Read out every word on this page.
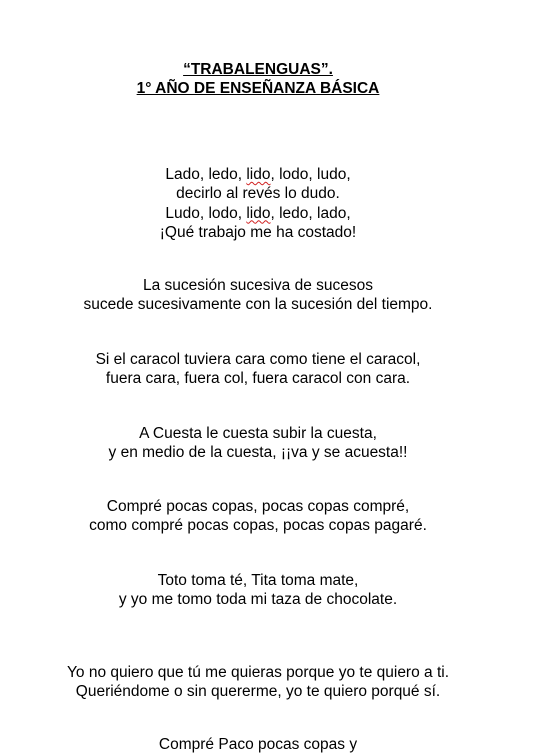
“TRABALENGUAS”.
1° AÑO DE ENSEÑANZA BÁSICA
Lado, ledo, lido, lodo, ludo,
decirlo al revés lo dudo.
Ludo, lodo, lido, ledo, lado,
¡Qué trabajo me ha costado!
La sucesión sucesiva de sucesos
sucede sucesivamente con la sucesión del tiempo.
Si el caracol tuviera cara como tiene el caracol,
fuera cara, fuera col, fuera caracol con cara.
A Cuesta le cuesta subir la cuesta,
y en medio de la cuesta, ¡¡va y se acuesta!!
Compré pocas copas, pocas copas compré,
como compré pocas copas, pocas copas pagaré.
Toto toma té, Tita toma mate,
y yo me tomo toda mi taza de chocolate.
Yo no quiero que tú me quieras porque yo te quiero a ti.
Queriéndome o sin quererme, yo te quiero porqué sí.
Compré Paco pocas copas y
